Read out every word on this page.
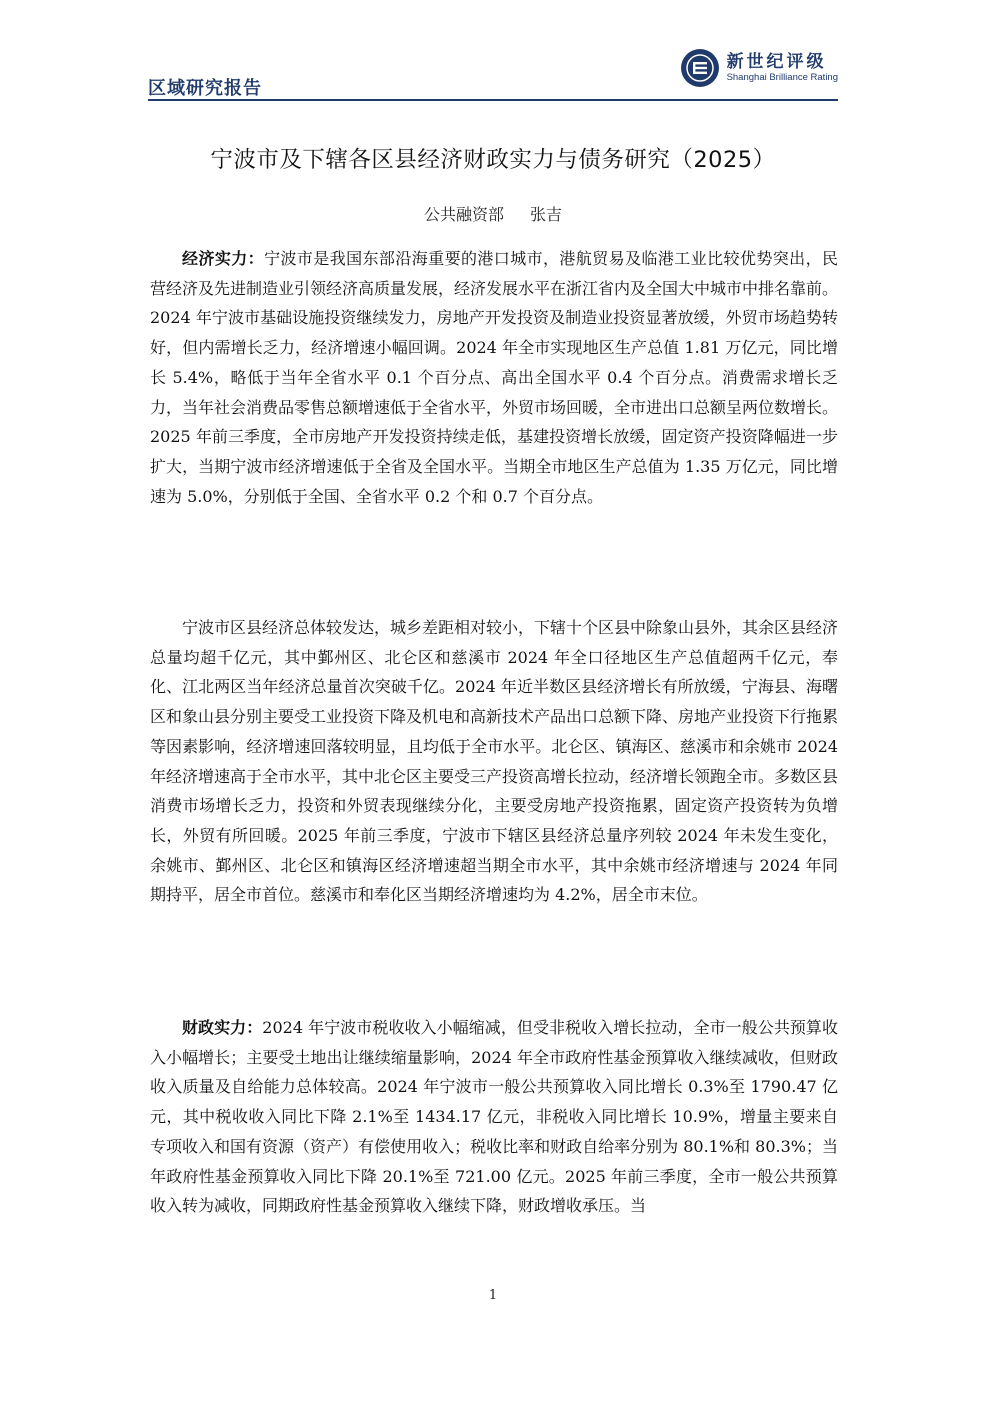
区域研究报告
新世纪评级
Shanghai Brilliance Rating
宁波市及下辖各区县经济财政实力与债务研究（2025）
公共融资部 张吉

经济实力：宁波市是我国东部沿海重要的港口城市，港航贸易及临港工业比较优势突出，民营经济及先进制造业引领经济高质量发展，经济发展水平在浙江省内及全国大中城市中排名靠前。2024 年宁波市基础设施投资继续发力，房地产开发投资及制造业投资显著放缓，外贸市场趋势转好，但内需增长乏力，经济增速小幅回调。2024 年全市实现地区生产总值 1.81 万亿元，同比增长 5.4%，略低于当年全省水平 0.1 个百分点、高出全国水平 0.4 个百分点。消费需求增长乏力，当年社会消费品零售总额增速低于全省水平，外贸市场回暖，全市进出口总额呈两位数增长。2025 年前三季度，全市房地产开发投资持续走低，基建投资增长放缓，固定资产投资降幅进一步扩大，当期宁波市经济增速低于全省及全国水平。当期全市地区生产总值为 1.35 万亿元，同比增速为 5.0%，分别低于全国、全省水平 0.2 个和 0.7 个百分点。

宁波市区县经济总体较发达，城乡差距相对较小，下辖十个区县中除象山县外，其余区县经济总量均超千亿元，其中鄞州区、北仑区和慈溪市 2024 年全口径地区生产总值超两千亿元，奉化、江北两区当年经济总量首次突破千亿。2024 年近半数区县经济增长有所放缓，宁海县、海曙区和象山县分别主要受工业投资下降及机电和高新技术产品出口总额下降、房地产业投资下行拖累等因素影响，经济增速回落较明显，且均低于全市水平。北仑区、镇海区、慈溪市和余姚市 2024 年经济增速高于全市水平，其中北仑区主要受三产投资高增长拉动，经济增长领跑全市。多数区县消费市场增长乏力，投资和外贸表现继续分化，主要受房地产投资拖累，固定资产投资转为负增长，外贸有所回暖。2025 年前三季度，宁波市下辖区县经济总量序列较 2024 年未发生变化，余姚市、鄞州区、北仑区和镇海区经济增速超当期全市水平，其中余姚市经济增速与 2024 年同期持平，居全市首位。慈溪市和奉化区当期经济增速均为 4.2%，居全市末位。

财政实力：2024 年宁波市税收收入小幅缩减，但受非税收入增长拉动，全市一般公共预算收入小幅增长；主要受土地出让继续缩量影响，2024 年全市政府性基金预算收入继续减收，但财政收入质量及自给能力总体较高。2024 年宁波市一般公共预算收入同比增长 0.3%至 1790.47 亿元，其中税收收入同比下降 2.1%至 1434.17 亿元，非税收入同比增长 10.9%，增量主要来自专项收入和国有资源（资产）有偿使用收入；税收比率和财政自给率分别为 80.1%和 80.3%；当年政府性基金预算收入同比下降 20.1%至 721.00 亿元。2025 年前三季度，全市一般公共预算收入转为减收，同期政府性基金预算收入继续下降，财政增收承压。当

1
